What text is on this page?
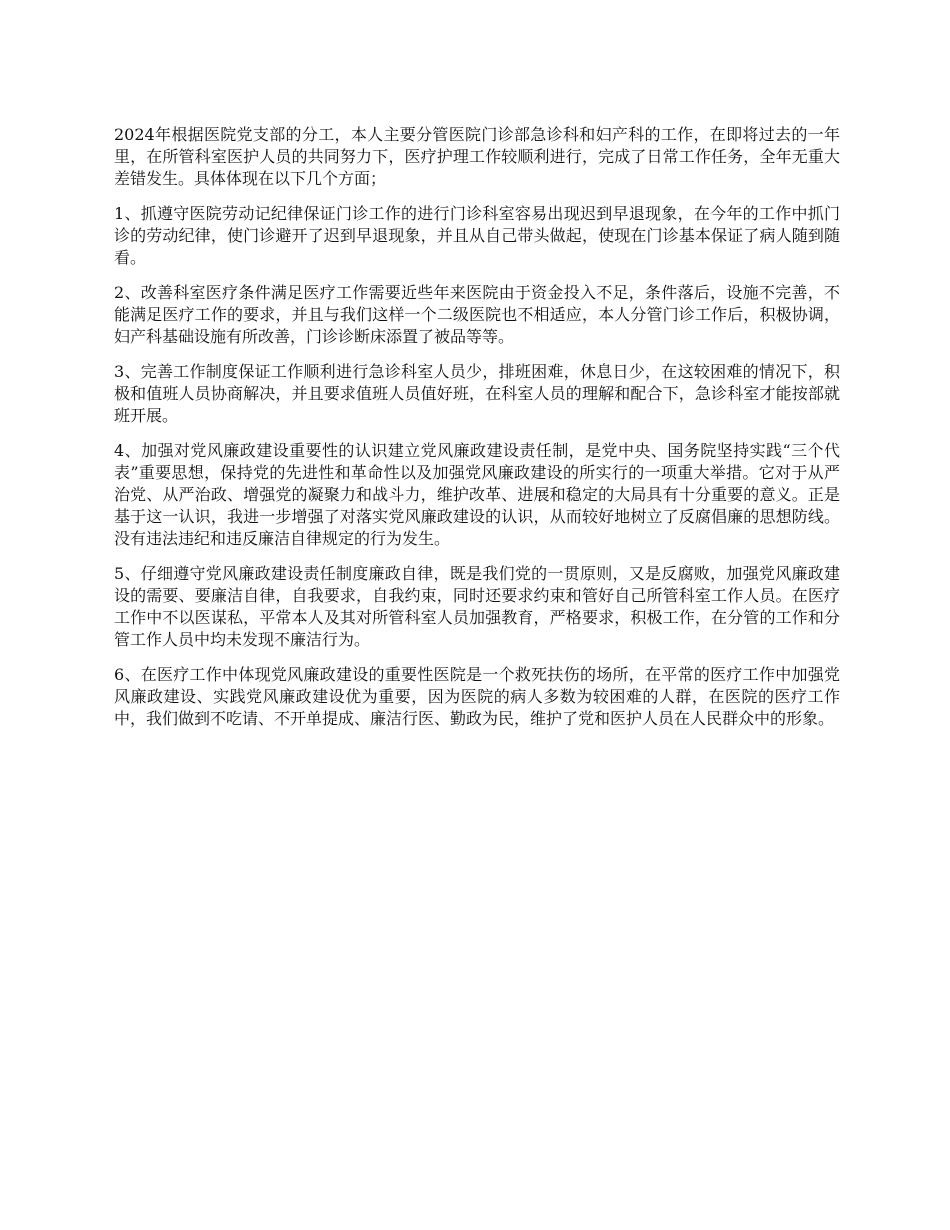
2024年根据医院党支部的分工，本人主要分管医院门诊部急诊科和妇产科的工作，在即将过去的一年里，在所管科室医护人员的共同努力下，医疗护理工作较顺利进行，完成了日常工作任务，全年无重大差错发生。具体体现在以下几个方面；

1、抓遵守医院劳动记纪律保证门诊工作的进行门诊科室容易出现迟到早退现象，在今年的工作中抓门诊的劳动纪律，使门诊避开了迟到早退现象，并且从自己带头做起，使现在门诊基本保证了病人随到随看。

2、改善科室医疗条件满足医疗工作需要近些年来医院由于资金投入不足，条件落后，设施不完善，不能满足医疗工作的要求，并且与我们这样一个二级医院也不相适应，本人分管门诊工作后，积极协调，妇产科基础设施有所改善，门诊诊断床添置了被品等等。

3、完善工作制度保证工作顺利进行急诊科室人员少，排班困难，休息日少，在这较困难的情况下，积极和值班人员协商解决，并且要求值班人员值好班，在科室人员的理解和配合下，急诊科室才能按部就班开展。

4、加强对党风廉政建设重要性的认识建立党风廉政建设责任制，是党中央、国务院坚持实践“三个代表”重要思想，保持党的先进性和革命性以及加强党风廉政建设的所实行的一项重大举措。它对于从严治党、从严治政、增强党的凝聚力和战斗力，维护改革、进展和稳定的大局具有十分重要的意义。正是基于这一认识，我进一步增强了对落实党风廉政建设的认识，从而较好地树立了反腐倡廉的思想防线。没有违法违纪和违反廉洁自律规定的行为发生。

5、仔细遵守党风廉政建设责任制度廉政自律，既是我们党的一贯原则，又是反腐败，加强党风廉政建设的需要、要廉洁自律，自我要求，自我约束，同时还要求约束和管好自己所管科室工作人员。在医疗工作中不以医谋私，平常本人及其对所管科室人员加强教育，严格要求，积极工作，在分管的工作和分管工作人员中均未发现不廉洁行为。

6、在医疗工作中体现党风廉政建设的重要性医院是一个救死扶伤的场所，在平常的医疗工作中加强党风廉政建设、实践党风廉政建设优为重要，因为医院的病人多数为较困难的人群，在医院的医疗工作中，我们做到不吃请、不开单提成、廉洁行医、勤政为民，维护了党和医护人员在人民群众中的形象。
